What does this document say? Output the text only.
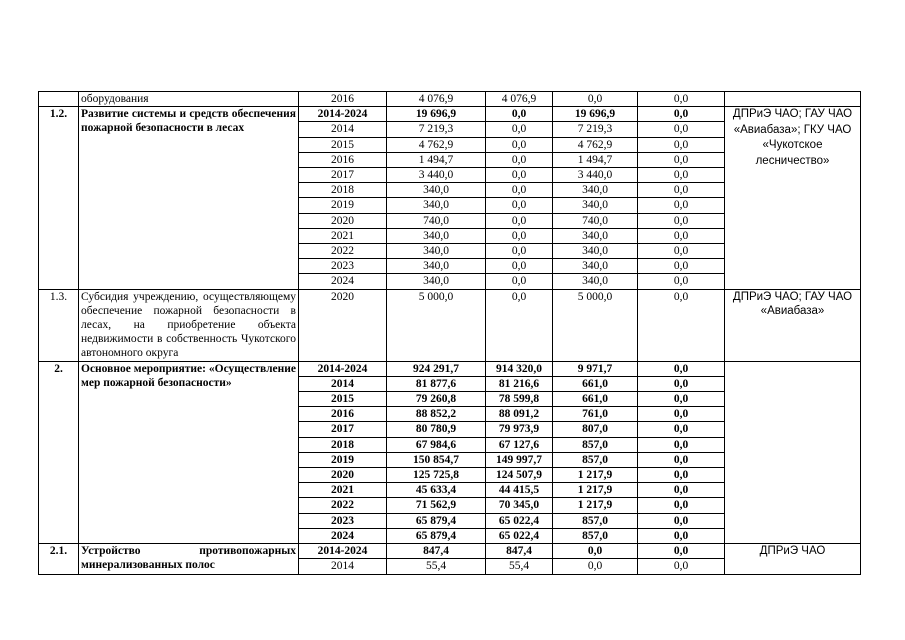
	оборудования	2016	4 076,9	4 076,9	0,0	0,0	
1.2.	Развитие системы и средств обеспечения пожарной безопасности в лесах	2014-2024	19 696,9	0,0	19 696,9	0,0	ДПРиЭ ЧАО; ГАУ ЧАО «Авиабаза»; ГКУ ЧАО «Чукотское лесничество»
		2014	7 219,3	0,0	7 219,3	0,0	
		2015	4 762,9	0,0	4 762,9	0,0	
		2016	1 494,7	0,0	1 494,7	0,0	
		2017	3 440,0	0,0	3 440,0	0,0	
		2018	340,0	0,0	340,0	0,0	
		2019	340,0	0,0	340,0	0,0	
		2020	740,0	0,0	740,0	0,0	
		2021	340,0	0,0	340,0	0,0	
		2022	340,0	0,0	340,0	0,0	
		2023	340,0	0,0	340,0	0,0	
		2024	340,0	0,0	340,0	0,0	
1.3.	Субсидия учреждению, осуществляющему обеспечение пожарной безопасности в лесах, на приобретение объекта недвижимости в собственность Чукотского автономного округа	2020	5 000,0	0,0	5 000,0	0,0	ДПРиЭ ЧАО; ГАУ ЧАО «Авиабаза»
2.	Основное мероприятие: «Осуществление мер пожарной безопасности»	2014-2024	924 291,7	914 320,0	9 971,7	0,0	
		2014	81 877,6	81 216,6	661,0	0,0	
		2015	79 260,8	78 599,8	661,0	0,0	
		2016	88 852,2	88 091,2	761,0	0,0	
		2017	80 780,9	79 973,9	807,0	0,0	
		2018	67 984,6	67 127,6	857,0	0,0	
		2019	150 854,7	149 997,7	857,0	0,0	
		2020	125 725,8	124 507,9	1 217,9	0,0	
		2021	45 633,4	44 415,5	1 217,9	0,0	
		2022	71 562,9	70 345,0	1 217,9	0,0	
		2023	65 879,4	65 022,4	857,0	0,0	
		2024	65 879,4	65 022,4	857,0	0,0	
2.1.	Устройство противопожарных минерализованных полос	2014-2024	847,4	847,4	0,0	0,0	ДПРиЭ ЧАО
		2014	55,4	55,4	0,0	0,0	
